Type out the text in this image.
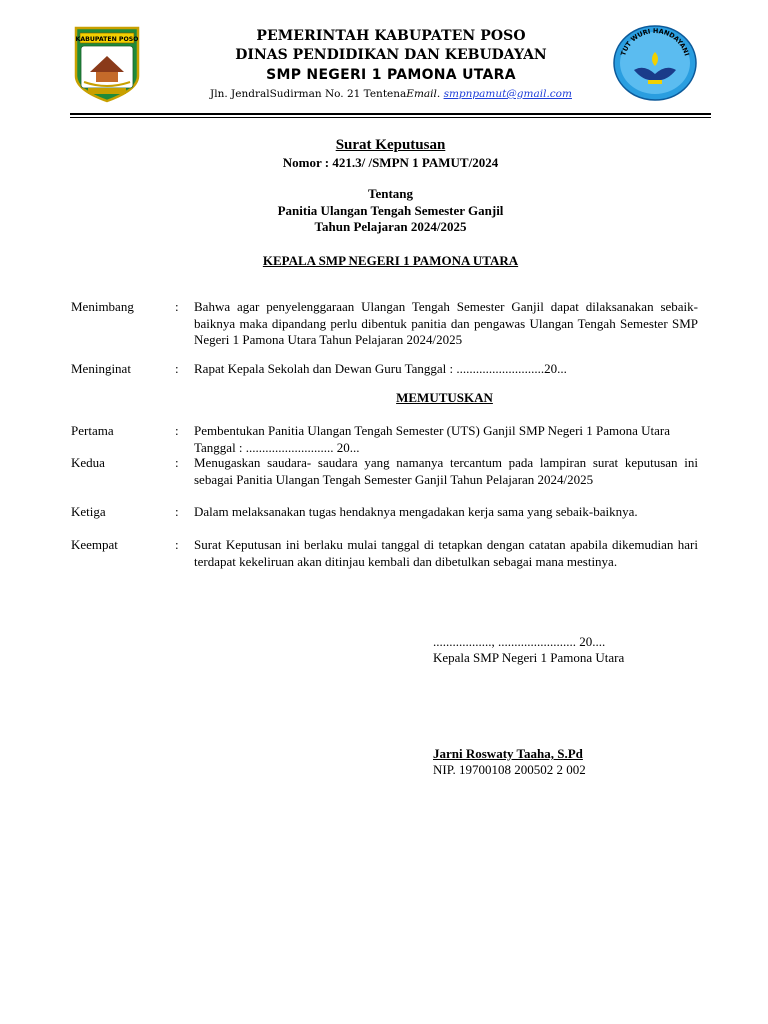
KABUPATEN POSO	PEMERINTAH KABUPATEN POSO
DINAS PENDIDIKAN DAN KEBUDAYAN
SMP NEGERI 1 PAMONA UTARA
Jln. JendralSudirman No. 21 TentenaEmail. smpnpamut@gmail.com
TUT WURI HANDAYANI
Surat Keputusan
Nomor : 421.3/ /SMPN 1 PAMUT/2024
Tentang
Panitia Ulangan Tengah Semester Ganjil
Tahun Pelajaran 2024/2025
KEPALA SMP NEGERI 1 PAMONA UTARA
Menimbang	:	Bahwa agar penyelenggaraan Ulangan Tengah Semester Ganjil dapat dilaksanakan sebaik- baiknya maka dipandang perlu dibentuk panitia dan pengawas Ulangan Tengah Semester SMP Negeri 1 Pamona Utara Tahun Pelajaran 2024/2025
Meninginat	:	Rapat Kepala Sekolah dan Dewan Guru Tanggal : ...........................20...
MEMUTUSKAN
Pertama	:	Pembentukan Panitia Ulangan Tengah Semester (UTS) Ganjil SMP Negeri 1 Pamona Utara Tanggal : ........................... 20...
Kedua	:	Menugaskan saudara- saudara yang namanya tercantum pada lampiran surat keputusan ini sebagai Panitia Ulangan Tengah Semester Ganjil Tahun Pelajaran 2024/2025
Ketiga	:	Dalam melaksanakan tugas hendaknya mengadakan kerja sama yang sebaik-baiknya.
Keempat	:	Surat Keputusan ini berlaku mulai tanggal di tetapkan dengan catatan apabila dikemudian hari terdapat kekeliruan akan ditinjau kembali dan dibetulkan sebagai mana mestinya.
.................., ........................ 20....
Kepala SMP Negeri 1 Pamona Utara
Jarni Roswaty Taaha, S.Pd
NIP. 19700108 200502 2 002
